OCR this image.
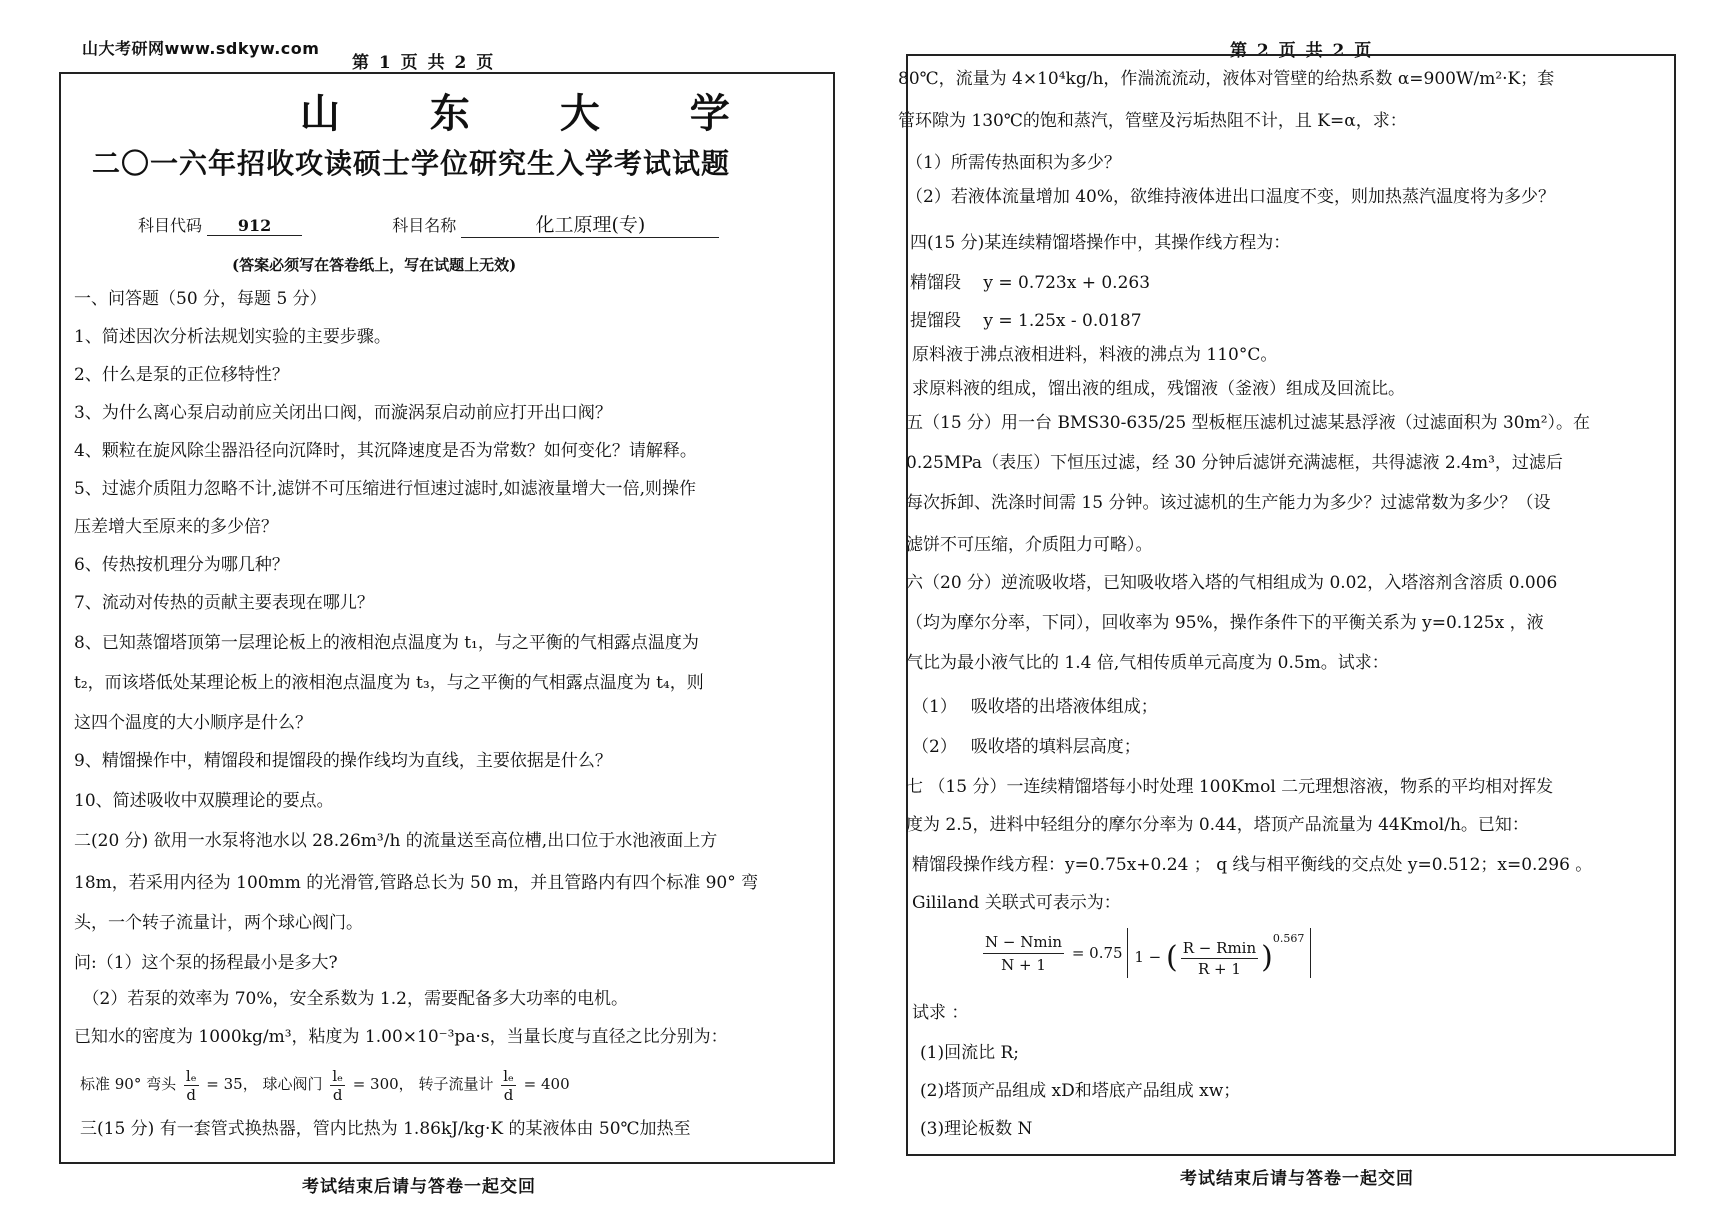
山大考研网www.sdkyw.com
第 1 页 共 2 页
山 东 大 学
二〇一六年招收攻读硕士学位研究生入学考试试题
科目代码 912	科目名称	化工原理(专)
(答案必须写在答卷纸上，写在试题上无效)
一、问答题（50 分，每题 5 分）
1、简述因次分析法规划实验的主要步骤。
2、什么是泵的正位移特性？
3、为什么离心泵启动前应关闭出口阀，而漩涡泵启动前应打开出口阀？
4、颗粒在旋风除尘器沿径向沉降时，其沉降速度是否为常数？如何变化？请解释。
5、过滤介质阻力忽略不计,滤饼不可压缩进行恒速过滤时,如滤液量增大一倍,则操作
压差增大至原来的多少倍？
6、传热按机理分为哪几种？
7、流动对传热的贡献主要表现在哪儿？
8、已知蒸馏塔顶第一层理论板上的液相泡点温度为 t₁，与之平衡的气相露点温度为
t₂，而该塔低处某理论板上的液相泡点温度为 t₃，与之平衡的气相露点温度为 t₄，则
这四个温度的大小顺序是什么？
9、精馏操作中，精馏段和提馏段的操作线均为直线，主要依据是什么？
10、简述吸收中双膜理论的要点。
二(20 分) 欲用一水泵将池水以 28.26m³/h 的流量送至高位槽,出口位于水池液面上方
18m，若采用内径为 100mm 的光滑管,管路总长为 50 m，并且管路内有四个标准 90° 弯
头，一个转子流量计，两个球心阀门。
问:（1）这个泵的扬程最小是多大?
　（2）若泵的效率为 70%，安全系数为 1.2，需要配备多大功率的电机。
已知水的密度为 1000kg/m³，粘度为 1.00×10⁻³pa·s，当量长度与直径之比分别为：
标准 90° 弯头 $\frac{\text{lₑ}}{d} = 35$， 球心阀门 $\frac{\text{lₑ}}{d} = 300$， 转子流量计 $\frac{\text{lₑ}}{d} = 400$
三(15 分) 有一套管式换热器，管内比热为 1.86kJ/kg·K 的某液体由 50℃加热至
考试结束后请与答卷一起交回
第 2 页 共 2 页
80℃，流量为 4×10⁴kg/h，作湍流流动，液体对管壁的给热系数 α=900W/m²·K；套
管环隙为 130℃的饱和蒸汽，管壁及污垢热阻不计，且 K=α，求：
（1）所需传热面积为多少？
（2）若液体流量增加 40%，欲维持液体进出口温度不变，则加热蒸汽温度将为多少？
四(15 分)某连续精馏塔操作中，其操作线方程为：
精馏段　 y = 0.723x + 0.263
提馏段　 y = 1.25x - 0.0187
原料液于沸点液相进料，料液的沸点为 110°C。
求原料液的组成，馏出液的组成，残馏液（釜液）组成及回流比。
五（15 分）用一台 BMS30-635/25 型板框压滤机过滤某悬浮液（过滤面积为 30m²）。在
0.25MPa（表压）下恒压过滤，经 30 分钟后滤饼充满滤框，共得滤液 2.4m³，过滤后
每次拆卸、洗涤时间需 15 分钟。该过滤机的生产能力为多少？过滤常数为多少？（设
滤饼不可压缩，介质阻力可略）。
六（20 分）逆流吸收塔，已知吸收塔入塔的气相组成为 0.02，入塔溶剂含溶质 0.006
（均为摩尔分率，下同），回收率为 95%，操作条件下的平衡关系为 y=0.125x ，液
气比为最小液气比的 1.4 倍,气相传质单元高度为 0.5m。试求：
（1）　 吸收塔的出塔液体组成；
（2）　 吸收塔的填料层高度；
七 （15 分）一连续精馏塔每小时处理 100Kmol 二元理想溶液，物系的平均相对挥发
度为 2.5，进料中轻组分的摩尔分率为 0.44，塔顶产品流量为 44Kmol/h。已知：
精馏段操作线方程：y=0.75x+0.24 ； q 线与相平衡线的交点处 y=0.512；x=0.296 。
Gililand 关联式可表示为：
$\frac{N - Nmin}{N + 1} = 0.75$ 1 − ( $\frac{R - Rmin}{R + 1} )^{0.567}$
试求 ：
(1)回流比 R;
(2)塔顶产品组成 xD和塔底产品组成 xw；
(3)理论板数 N
考试结束后请与答卷一起交回
